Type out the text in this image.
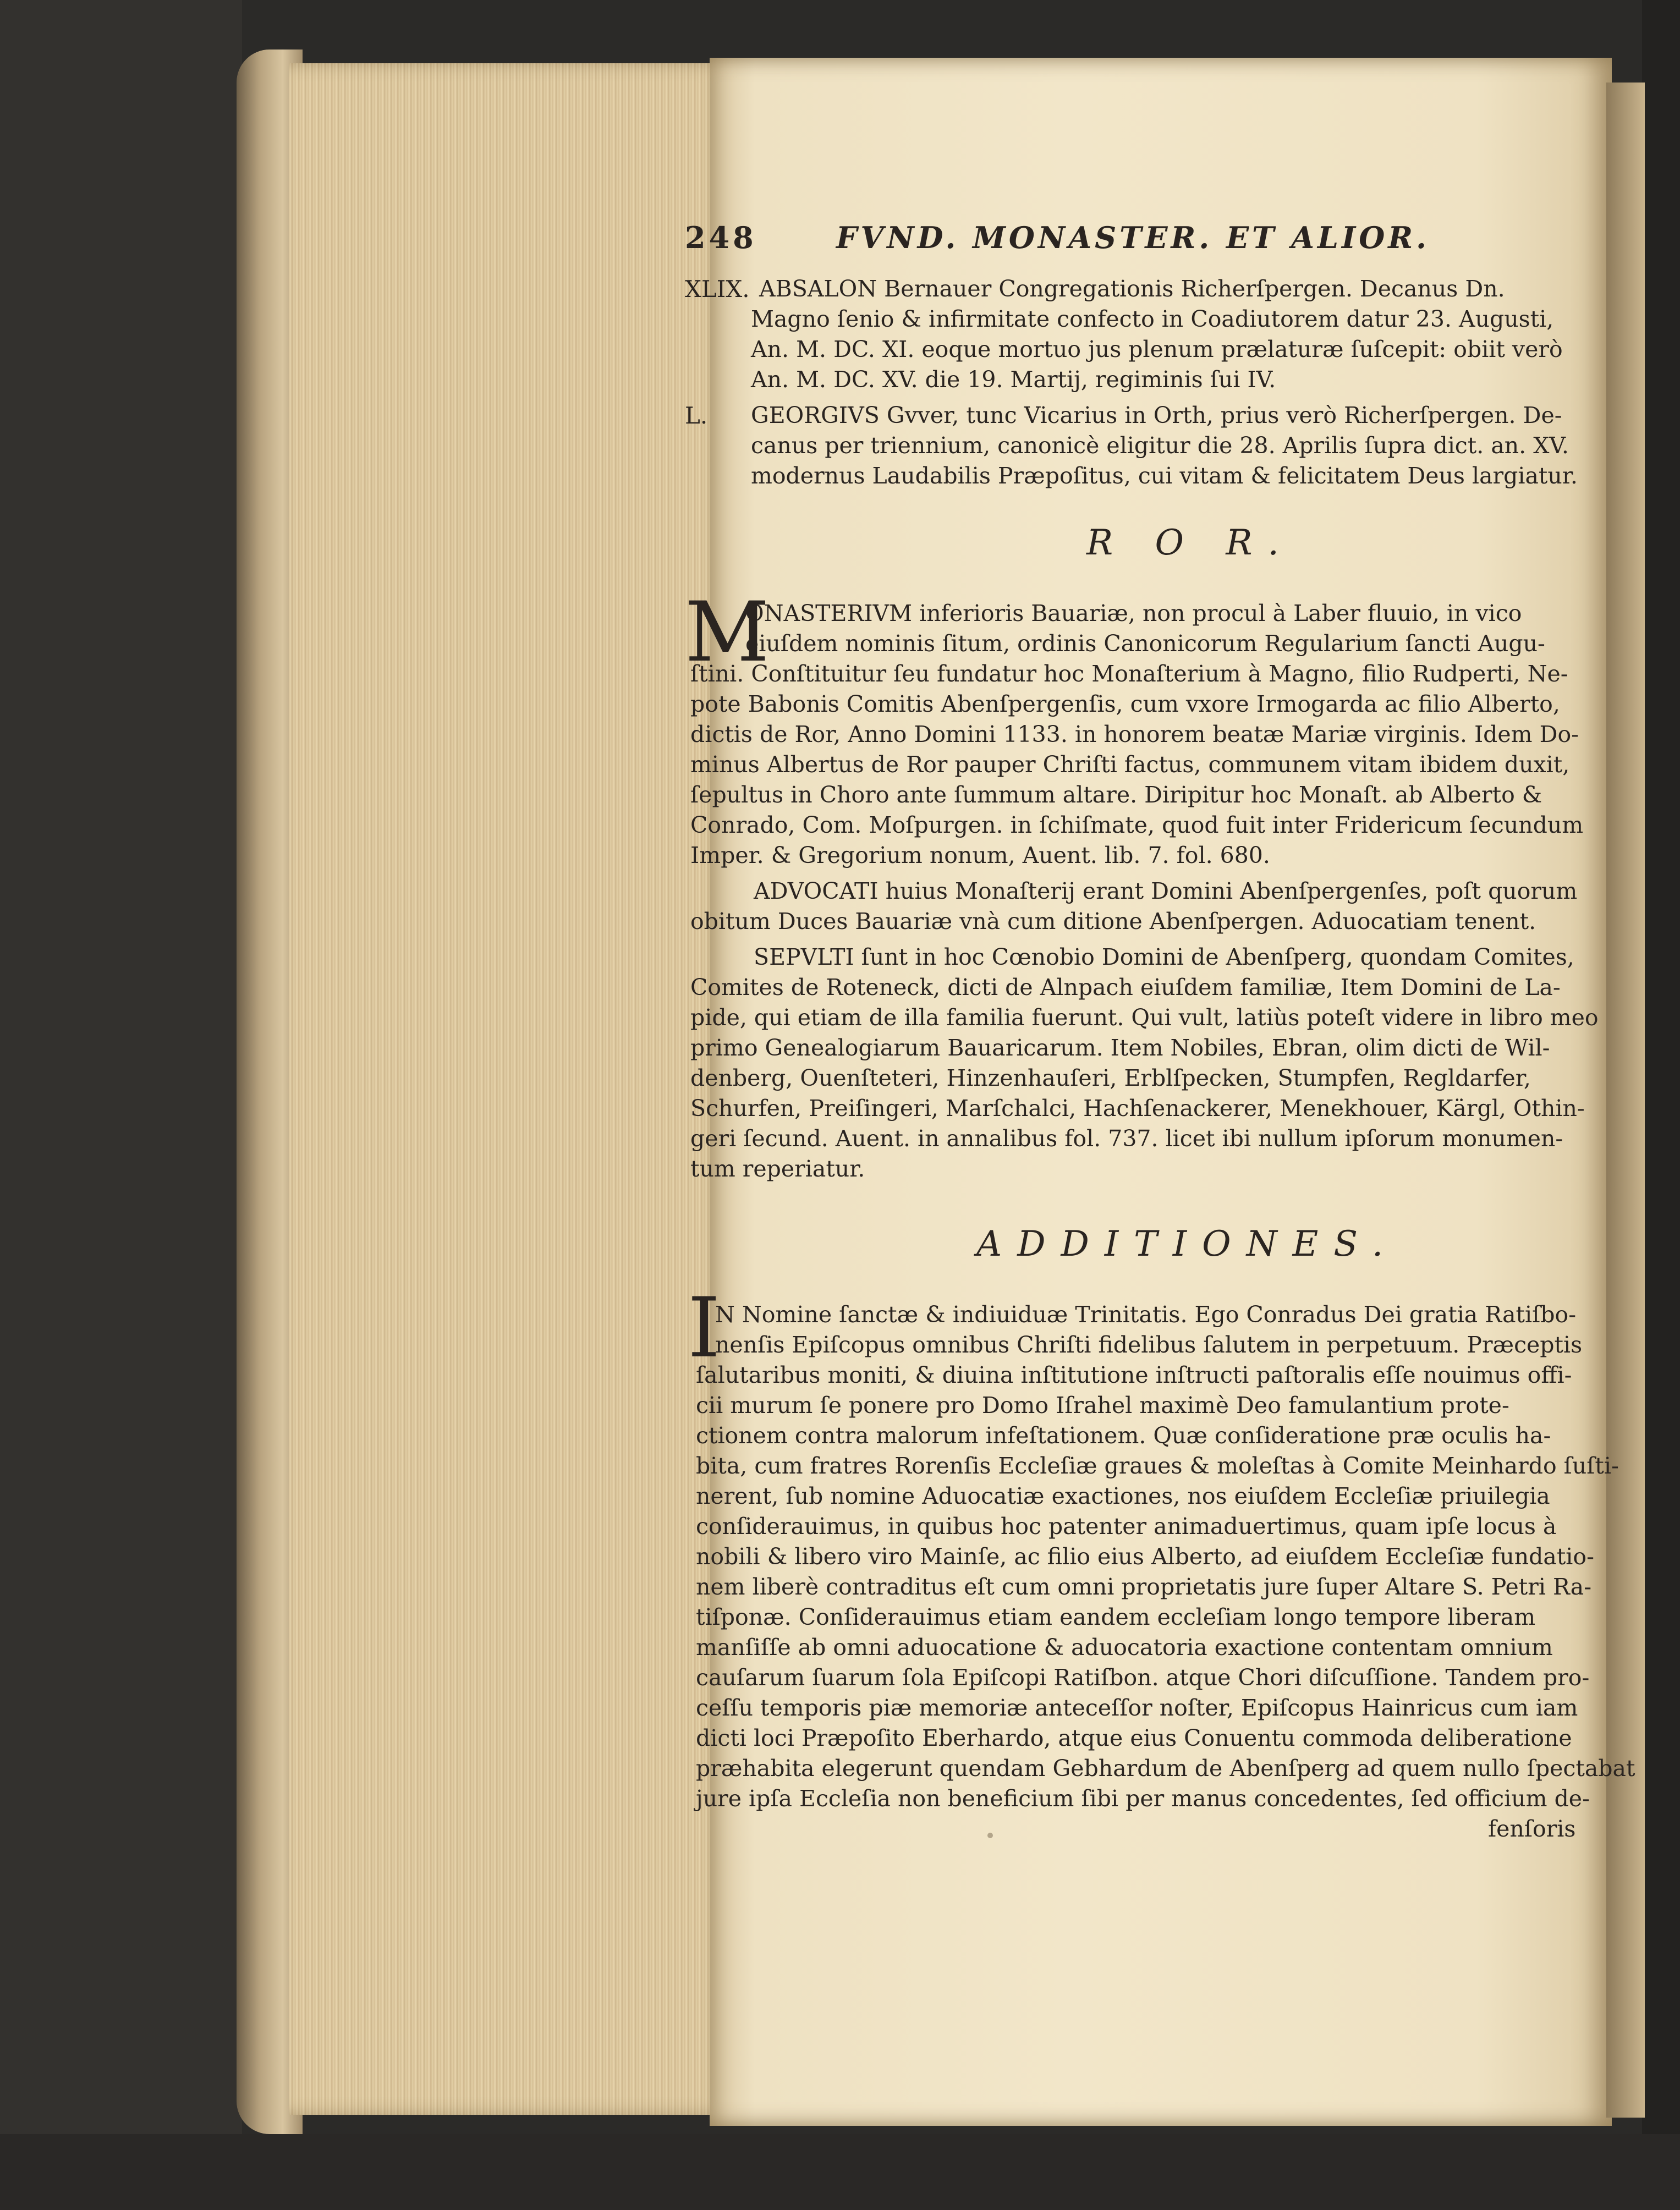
248	FVND. MONASTER. ET ALIOR.
XLIX. ABSALON Bernauer Congregationis Richerſpergen. Decanus Dn.
Magno ſenio & infirmitate confecto in Coadiutorem datur 23. Augusti,
An. M. DC. XI. eoque mortuo jus plenum prælaturæ ſuſcepit: obiit verò
An. M. DC. XV. die 19. Martij, regiminis ſui IV.
L. GEORGIVS Gvver, tunc Vicarius in Orth, prius verò Richerſpergen. De-
canus per triennium, canonicè eligitur die 28. Aprilis ſupra dict. an. XV.
modernus Laudabilis Præpoſitus, cui vitam & felicitatem Deus largiatur.
R O R.
M
ONASTERIVM inferioris Bauariæ, non procul à Laber fluuio, in vico
eiuſdem nominis ſitum, ordinis Canonicorum Regularium ſancti Augu-
ſtini. Conſtituitur ſeu fundatur hoc Monaſterium à Magno, filio Rudperti, Ne-
pote Babonis Comitis Abenſpergenſis, cum vxore Irmogarda ac filio Alberto,
dictis de Ror, Anno Domini 1133. in honorem beatæ Mariæ virginis. Idem Do-
minus Albertus de Ror pauper Chriſti factus, communem vitam ibidem duxit,
ſepultus in Choro ante ſummum altare. Diripitur hoc Monaſt. ab Alberto &
Conrado, Com. Moſpurgen. in ſchiſmate, quod fuit inter Fridericum ſecundum
Imper. & Gregorium nonum, Auent. lib. 7. fol. 680.
ADVOCATI huius Monaſterij erant Domini Abenſpergenſes, poſt quorum
obitum Duces Bauariæ vnà cum ditione Abenſpergen. Aduocatiam tenent.
SEPVLTI ſunt in hoc Cœnobio Domini de Abenſperg, quondam Comites,
Comites de Roteneck, dicti de Alnpach eiuſdem familiæ, Item Domini de La-
pide, qui etiam de illa familia fuerunt. Qui vult, latiùs poteſt videre in libro meo
primo Genealogiarum Bauaricarum. Item Nobiles, Ebran, olim dicti de Wil-
denberg, Ouenſteteri, Hinzenhauſeri, Erblſpecken, Stumpfen, Regldarfer,
Schurfen, Preiſingeri, Marſchalci, Hachſenackerer, Menekhouer, Kärgl, Othin-
geri ſecund. Auent. in annalibus fol. 737. licet ibi nullum ipſorum monumen-
tum reperiatur.
ADDITIONES.
I
N Nomine ſanctæ & indiuiduæ Trinitatis. Ego Conradus Dei gratia Ratiſbo-
nenſis Epiſcopus omnibus Chriſti fidelibus ſalutem in perpetuum. Præceptis
ſalutaribus moniti, & diuina inſtitutione inſtructi paſtoralis eſſe nouimus offi-
cii murum ſe ponere pro Domo Iſrahel maximè Deo famulantium prote-
ctionem contra malorum infeſtationem. Quæ conſideratione præ oculis ha-
bita, cum fratres Rorenſis Eccleſiæ graues & moleſtas à Comite Meinhardo ſuſti-
nerent, ſub nomine Aduocatiæ exactiones, nos eiuſdem Eccleſiæ priuilegia
conſiderauimus, in quibus hoc patenter animaduertimus, quam ipſe locus à
nobili & libero viro Mainſe, ac filio eius Alberto, ad eiuſdem Eccleſiæ fundatio-
nem liberè contraditus eſt cum omni proprietatis jure ſuper Altare S. Petri Ra-
tiſponæ. Conſiderauimus etiam eandem eccleſiam longo tempore liberam
manſiſſe ab omni aduocatione & aduocatoria exactione contentam omnium
cauſarum ſuarum ſola Epiſcopi Ratiſbon. atque Chori diſcuſſione. Tandem pro-
ceſſu temporis piæ memoriæ anteceſſor noſter, Epiſcopus Hainricus cum iam
dicti loci Præpoſito Eberhardo, atque eius Conuentu commoda deliberatione
præhabita elegerunt quendam Gebhardum de Abenſperg ad quem nullo ſpectabat
jure ipſa Eccleſia non beneficium ſibi per manus concedentes, ſed officium de-
fenſoris
